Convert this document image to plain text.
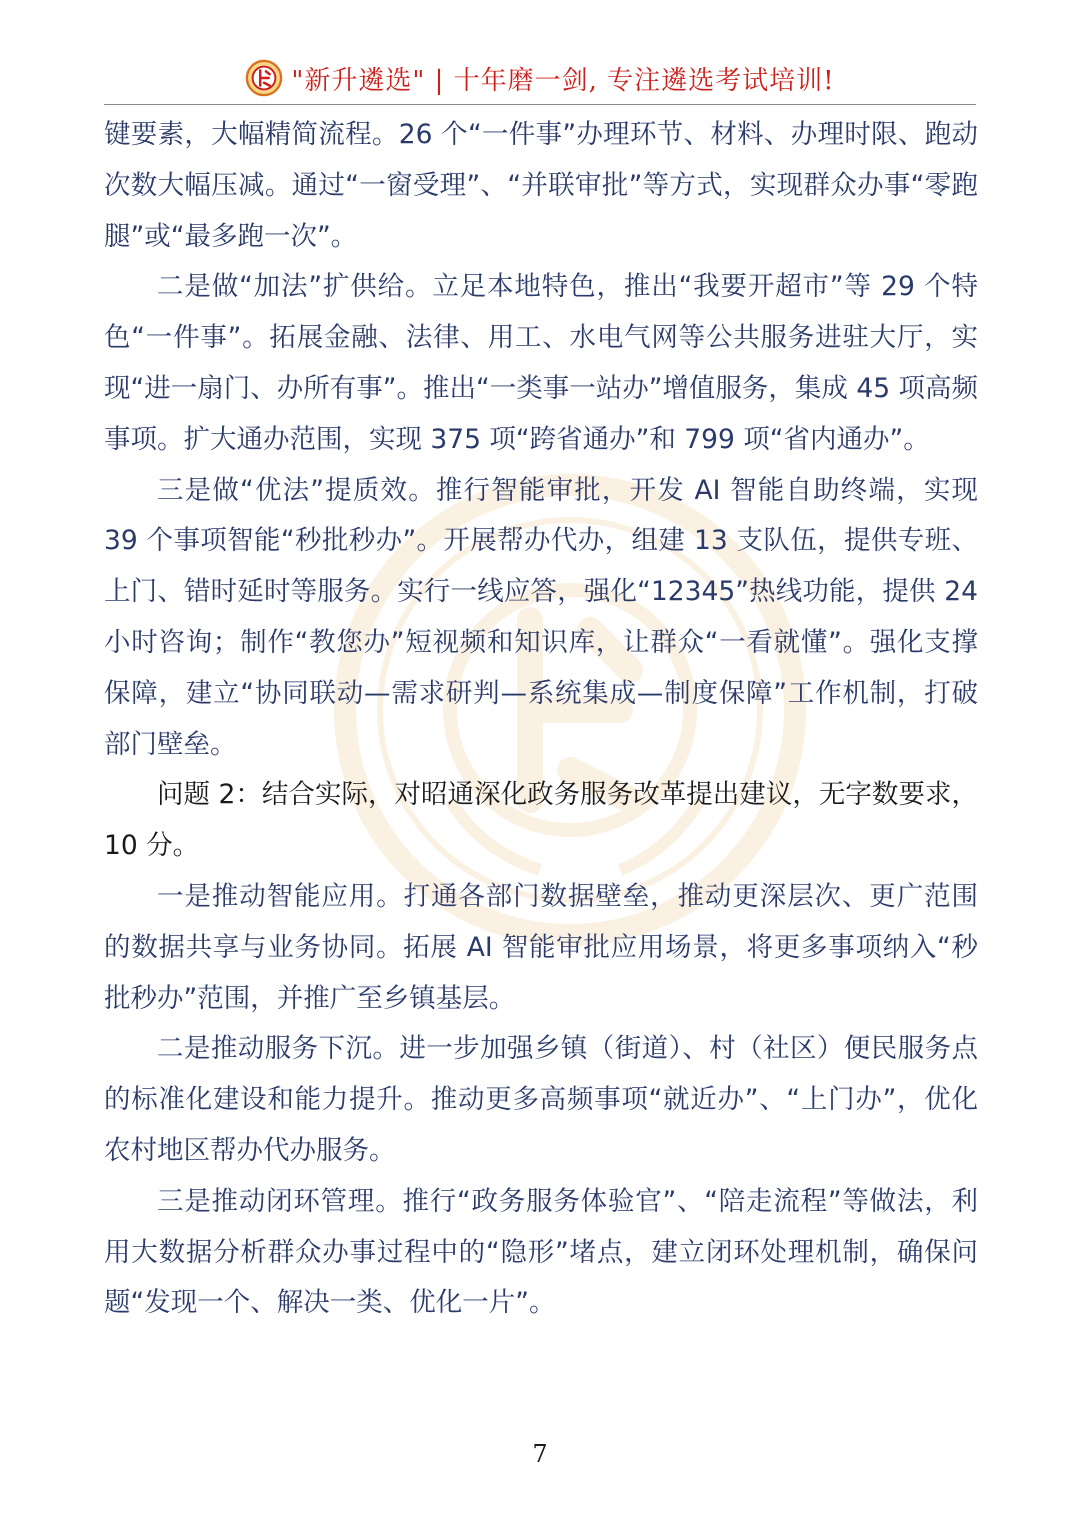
"新升遴选" | 十年磨一剑, 专注遴选考试培训!

键要素，大幅精简流程。26 个“一件事”办理环节、材料、办理时限、跑动次数大幅压减。通过“一窗受理”、“并联审批”等方式，实现群众办事“零跑腿”或“最多跑一次”。

二是做“加法”扩供给。立足本地特色，推出“我要开超市”等 29 个特色“一件事”。拓展金融、法律、用工、水电气网等公共服务进驻大厅，实现“进一扇门、办所有事”。推出“一类事一站办”增值服务，集成 45 项高频事项。扩大通办范围，实现 375 项“跨省通办”和 799 项“省内通办”。

三是做“优法”提质效。推行智能审批，开发 AI 智能自助终端，实现 39 个事项智能“秒批秒办”。开展帮办代办，组建 13 支队伍，提供专班、上门、错时延时等服务。实行一线应答，强化“12345”热线功能，提供 24 小时咨询；制作“教您办”短视频和知识库，让群众“一看就懂”。强化支撑保障，建立“协同联动—需求研判—系统集成—制度保障”工作机制，打破部门壁垒。

问题 2：结合实际，对昭通深化政务服务改革提出建议，无字数要求，10 分。

一是推动智能应用。打通各部门数据壁垒，推动更深层次、更广范围的数据共享与业务协同。拓展 AI 智能审批应用场景，将更多事项纳入“秒批秒办”范围，并推广至乡镇基层。

二是推动服务下沉。进一步加强乡镇（街道）、村（社区）便民服务点的标准化建设和能力提升。推动更多高频事项“就近办”、“上门办”，优化农村地区帮办代办服务。

三是推动闭环管理。推行“政务服务体验官”、“陪走流程”等做法，利用大数据分析群众办事过程中的“隐形”堵点，建立闭环处理机制，确保问题“发现一个、解决一类、优化一片”。

7
